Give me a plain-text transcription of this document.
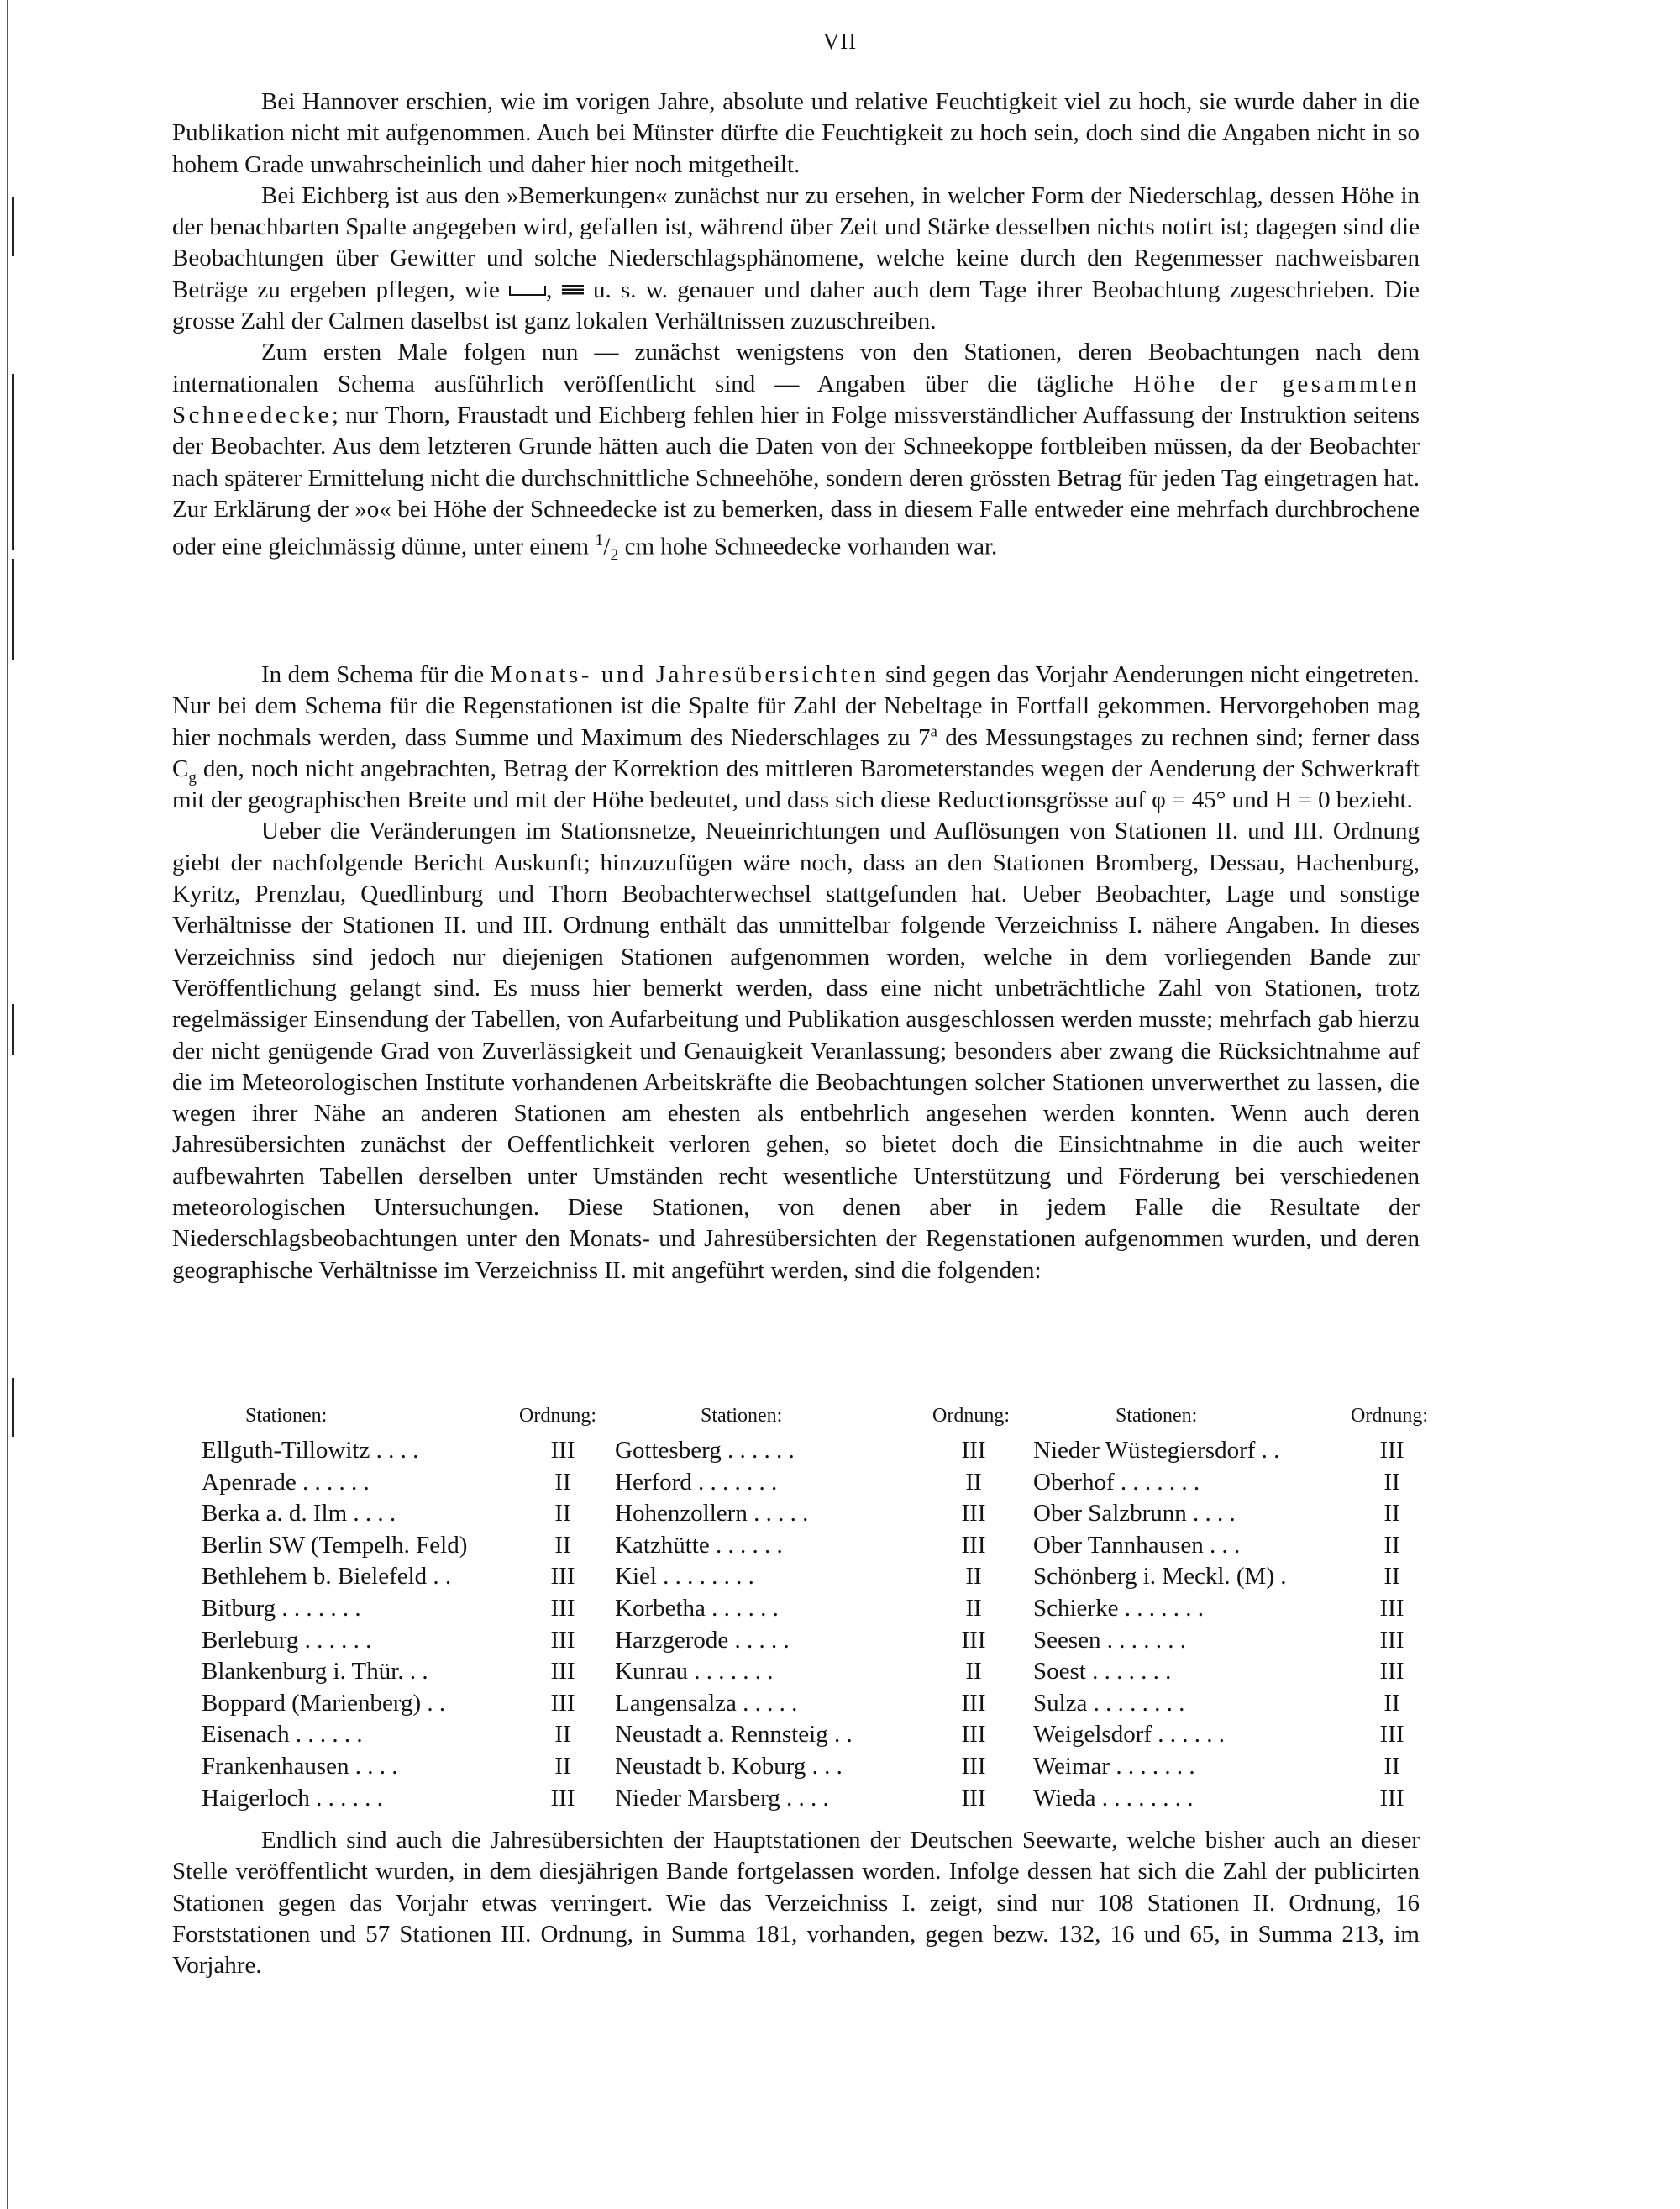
VII

Bei Hannover erschien, wie im vorigen Jahre, absolute und relative Feuchtigkeit viel zu hoch, sie wurde daher in die Publikation nicht mit aufgenommen. Auch bei Münster dürfte die Feuchtigkeit zu hoch sein, doch sind die Angaben nicht in so hohem Grade unwahrscheinlich und daher hier noch mitgetheilt.

Bei Eichberg ist aus den »Bemerkungen« zunächst nur zu ersehen, in welcher Form der Niederschlag, dessen Höhe in der benachbarten Spalte angegeben wird, gefallen ist, während über Zeit und Stärke desselben nichts notirt ist; dagegen sind die Beobachtungen über Gewitter und solche Niederschlagsphänomene, welche keine durch den Regenmesser nachweisbaren Beträge zu ergeben pflegen, wie , u. s. w. genauer und daher auch dem Tage ihrer Beobachtung zugeschrieben. Die grosse Zahl der Calmen daselbst ist ganz lokalen Verhältnissen zuzuschreiben.

Zum ersten Male folgen nun — zunächst wenigstens von den Stationen, deren Beobachtungen nach dem internationalen Schema ausführlich veröffentlicht sind — Angaben über die tägliche Höhe der gesammten Schneedecke; nur Thorn, Fraustadt und Eichberg fehlen hier in Folge missverständlicher Auffassung der Instruktion seitens der Beobachter. Aus dem letzteren Grunde hätten auch die Daten von der Schneekoppe fortbleiben müssen, da der Beobachter nach späterer Ermittelung nicht die durchschnittliche Schneehöhe, sondern deren grössten Betrag für jeden Tag eingetragen hat. Zur Erklärung der »o« bei Höhe der Schneedecke ist zu bemerken, dass in diesem Falle entweder eine mehrfach durchbrochene oder eine gleichmässig dünne, unter einem $^1/_2$ cm hohe Schneedecke vorhanden war.

In dem Schema für die Monats- und Jahresübersichten sind gegen das Vorjahr Aenderungen nicht eingetreten. Nur bei dem Schema für die Regenstationen ist die Spalte für Zahl der Nebeltage in Fortfall gekommen. Hervorgehoben mag hier nochmals werden, dass Summe und Maximum des Niederschlages zu 7$^a$ des Messungstages zu rechnen sind; ferner dass $C_g$ den, noch nicht angebrachten, Betrag der Korrektion des mittleren Barometerstandes wegen der Aenderung der Schwerkraft mit der geographischen Breite und mit der Höhe bedeutet, und dass sich diese Reductionsgrösse auf φ = 45° und H = 0 bezieht.

Ueber die Veränderungen im Stationsnetze, Neueinrichtungen und Auflösungen von Stationen II. und III. Ordnung giebt der nachfolgende Bericht Auskunft; hinzuzufügen wäre noch, dass an den Stationen Bromberg, Dessau, Hachenburg, Kyritz, Prenzlau, Quedlinburg und Thorn Beobachterwechsel stattgefunden hat. Ueber Beobachter, Lage und sonstige Verhältnisse der Stationen II. und III. Ordnung enthält das unmittelbar folgende Verzeichniss I. nähere Angaben. In dieses Verzeichniss sind jedoch nur diejenigen Stationen aufgenommen worden, welche in dem vorliegenden Bande zur Veröffentlichung gelangt sind. Es muss hier bemerkt werden, dass eine nicht unbeträchtliche Zahl von Stationen, trotz regelmässiger Einsendung der Tabellen, von Aufarbeitung und Publikation ausgeschlossen werden musste; mehrfach gab hierzu der nicht genügende Grad von Zuverlässigkeit und Genauigkeit Veranlassung; besonders aber zwang die Rücksichtnahme auf die im Meteorologischen Institute vorhandenen Arbeitskräfte die Beobachtungen solcher Stationen unverwerthet zu lassen, die wegen ihrer Nähe an anderen Stationen am ehesten als entbehrlich angesehen werden konnten. Wenn auch deren Jahresübersichten zunächst der Oeffentlichkeit verloren gehen, so bietet doch die Einsichtnahme in die auch weiter aufbewahrten Tabellen derselben unter Umständen recht wesentliche Unterstützung und Förderung bei verschiedenen meteorologischen Untersuchungen. Diese Stationen, von denen aber in jedem Falle die Resultate der Niederschlagsbeobachtungen unter den Monats- und Jahresübersichten der Regenstationen aufgenommen wurden, und deren geographische Verhältnisse im Verzeichniss II. mit angeführt werden, sind die folgenden:

Stationen:	Ordnung:
Ellguth-Tillowitz . . . .	III
Apenrade . . . . . .	II
Berka a. d. Ilm . . . .	II
Berlin SW (Tempelh. Feld)	II
Bethlehem b. Bielefeld . .	III
Bitburg . . . . . . .	III
Berleburg . . . . . .	III
Blankenburg i. Thür. . .	III
Boppard (Marienberg) . .	III
Eisenach . . . . . .	II
Frankenhausen . . . .	II
Haigerloch . . . . . .	III
Stationen:	Ordnung:
Gottesberg . . . . . .	III
Herford . . . . . . .	II
Hohenzollern . . . . .	III
Katzhütte . . . . . .	III
Kiel . . . . . . . .	II
Korbetha . . . . . .	II
Harzgerode . . . . .	III
Kunrau . . . . . . .	II
Langensalza . . . . .	III
Neustadt a. Rennsteig . .	III
Neustadt b. Koburg . . .	III
Nieder Marsberg . . . .	III
Stationen:	Ordnung:
Nieder Wüstegiersdorf . .	III
Oberhof . . . . . . .	II
Ober Salzbrunn . . . .	II
Ober Tannhausen . . .	II
Schönberg i. Meckl. (M) .	II
Schierke . . . . . . .	III
Seesen . . . . . . .	III
Soest . . . . . . .	III
Sulza . . . . . . . .	II
Weigelsdorf . . . . . .	III
Weimar . . . . . . .	II
Wieda . . . . . . . .	III

Endlich sind auch die Jahresübersichten der Hauptstationen der Deutschen Seewarte, welche bisher auch an dieser Stelle veröffentlicht wurden, in dem diesjährigen Bande fortgelassen worden. Infolge dessen hat sich die Zahl der publicirten Stationen gegen das Vorjahr etwas verringert. Wie das Verzeichniss I. zeigt, sind nur 108 Stationen II. Ordnung, 16 Forststationen und 57 Stationen III. Ordnung, in Summa 181, vorhanden, gegen bezw. 132, 16 und 65, in Summa 213, im Vorjahre.
